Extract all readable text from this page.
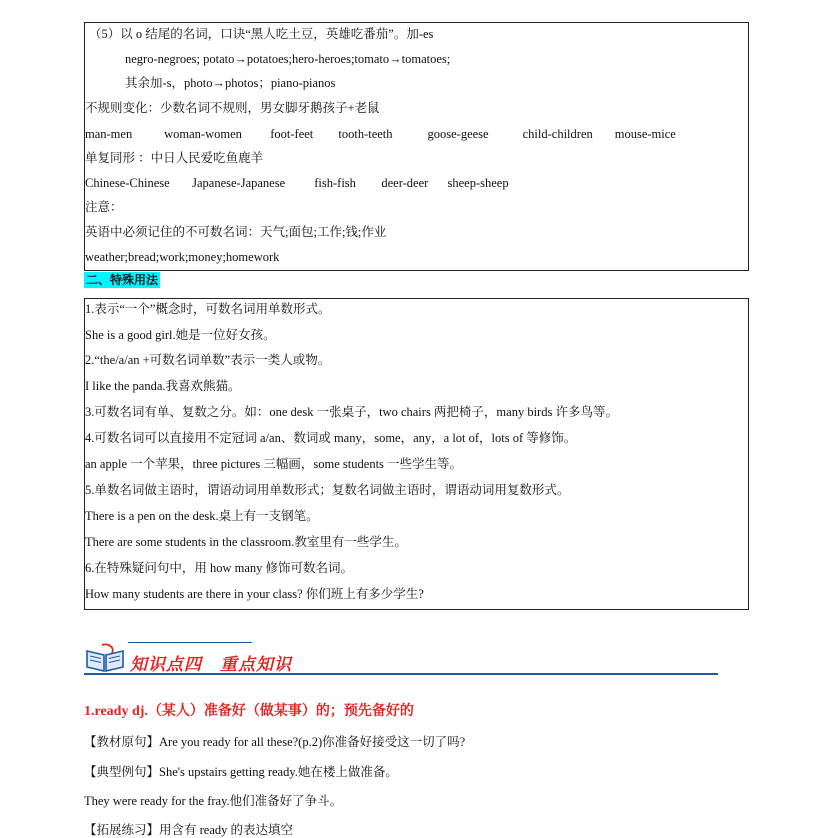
（5）以 o 结尾的名词，口诀“黑人吃土豆，英雄吃番茄”。加-es
negro-negroes; potato→potatoes;hero-heroes;tomato→tomatoes;
其余加-s，photo→photos；piano-pianos
不规则变化：少数名词不规则，男女脚牙鹅孩子+老鼠
man-men	woman-women foot-feet tooth-teeth	goose-geese	child-children mouse-mice
单复同形 ：中日人民爱吃鱼鹿羊
Chinese-Chinese Japanese-Japanese fish-fish deer-deer sheep-sheep
注意：
英语中必须记住的不可数名词：天气;面包;工作;钱;作业
weather;bread;work;money;homework
二、特殊用法
1.表示“一个”概念时，可数名词用单数形式。
She is a good girl.她是一位好女孩。
2.“the/a/an +可数名词单数”表示一类人或物。
I like the panda.我喜欢熊猫。
3.可数名词有单、复数之分。如：one desk 一张桌子，two chairs 两把椅子，many birds 许多鸟等。
4.可数名词可以直接用不定冠词 a/an、数词或 many，some，any，a lot of，lots of 等修饰。
an apple 一个苹果，three pictures 三幅画，some students 一些学生等。
5.单数名词做主语时，谓语动词用单数形式；复数名词做主语时，谓语动词用复数形式。
There is a pen on the desk.桌上有一支钢笔。
There are some students in the classroom.教室里有一些学生。
6.在特殊疑问句中，用 how many 修饰可数名词。
How many students are there in your class? 你们班上有多少学生?
知识点四　重点知识
1.ready dj.（某人）准备好（做某事）的；预先备好的
【教材原句】Are you ready for all these?(p.2)你准备好接受这一切了吗?
【典型例句】She's upstairs getting ready.她在楼上做准备。
They were ready for the fray.他们准备好了争斗。
【拓展练习】用含有 ready 的表达填空
